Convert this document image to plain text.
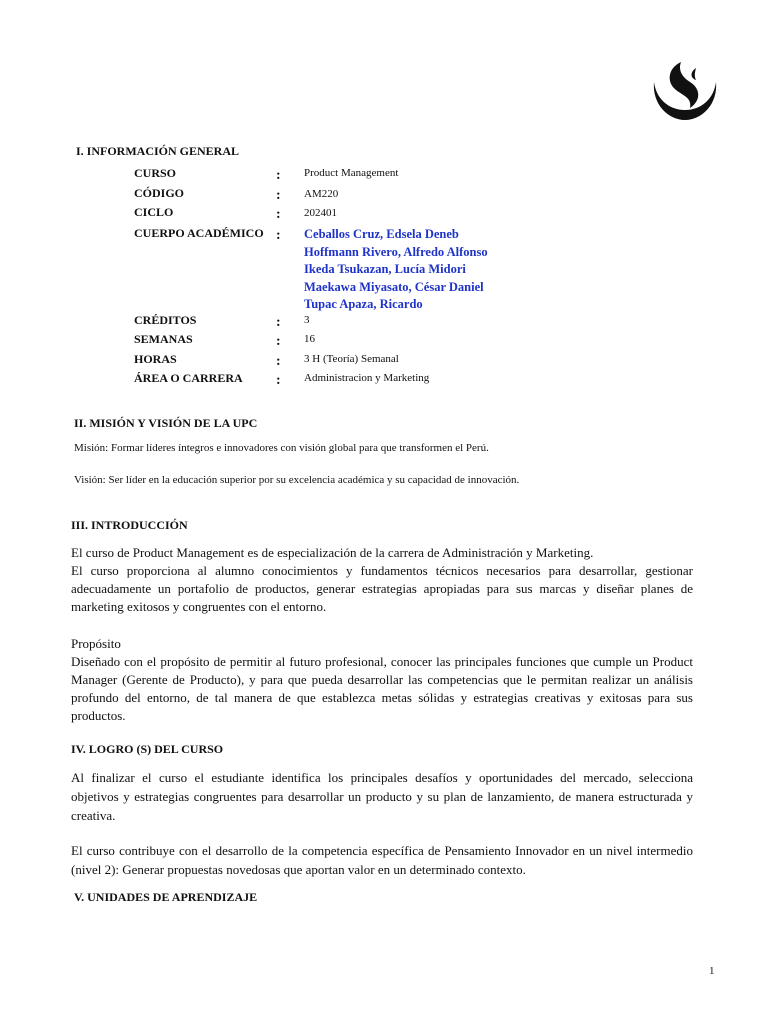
I. INFORMACIÓN GENERAL
CURSO	: Product Management
CÓDIGO	: AM220
CICLO	: 202401
CUERPO ACADÉMICO : Ceballos Cruz, Edsela Deneb
Hoffmann Rivero, Alfredo Alfonso
Ikeda Tsukazan, Lucía Midori
Maekawa Miyasato, César Daniel
Tupac Apaza, Ricardo
CRÉDITOS	: 3
SEMANAS	: 16
HORAS	: 3 H (Teoría) Semanal
ÁREA O CARRERA : Administracion y Marketing
II. MISIÓN Y VISIÓN DE LA UPC
Misión: Formar líderes íntegros e innovadores con visión global para que transformen el Perú.
Visión: Ser líder en la educación superior por su excelencia académica y su capacidad de innovación.
III. INTRODUCCIÓN

El curso de Product Management es de especialización de la carrera de Administración y Marketing.

El curso proporciona al alumno conocimientos y fundamentos técnicos necesarios para desarrollar, gestionar adecuadamente un portafolio de productos, generar estrategias apropiadas para sus marcas y diseñar planes de marketing exitosos y congruentes con el entorno.

Propósito

Diseñado con el propósito de permitir al futuro profesional, conocer las principales funciones que cumple un Product Manager (Gerente de Producto), y para que pueda desarrollar las competencias que le permitan realizar un análisis profundo del entorno, de tal manera de que establezca metas sólidas y estrategias creativas y exitosas para sus productos.

IV. LOGRO (S) DEL CURSO

Al finalizar el curso el estudiante identifica los principales desafíos y oportunidades del mercado, selecciona objetivos y estrategias congruentes para desarrollar un producto y su plan de lanzamiento, de manera estructurada y creativa.

El curso contribuye con el desarrollo de la competencia específica de Pensamiento Innovador en un nivel intermedio (nivel 2): Generar propuestas novedosas que aportan valor en un determinado contexto.

V. UNIDADES DE APRENDIZAJE
1
